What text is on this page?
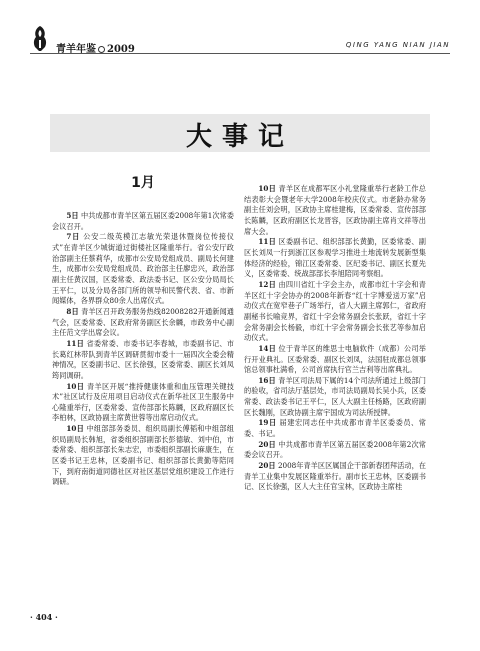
青羊年鉴 2009	QING YANG NIAN JIAN
大事记
1月

5日 中共成都市青羊区第五届区委2008年第1次常委会议召开。

7日 公安二级英模江志敏光荣退休暨岗位传接仪式”在青羊区少城街道过街楼社区隆重举行。省公安厅政治部副主任蔡莉华，成都市公安局党组成员、副局长何建生，成都市公安局党组成员、政治部主任廖忠兴，政治部副主任黄汉国，区委常委、政法委书记、区公安分局局长王平仁，以及分局各部门所的领导和民警代表、省、市新闻媒体，各界群众80余人出席仪式。

8日 青羊区召开政务服务热线82008282开通新闻通气会，区委常委、区政府常务副区长余麟，市政务中心副主任范文学出席会议。

11日 省委常委、市委书记李春城，市委副书记、市长葛红林带队到青羊区调研贯彻市委十一届四次全委会精神情况，区委副书记、区长徐强，区委常委、副区长刘凤筠同调研。

10日 青羊区开展“推持健康体重和血压管理关键技术”社区试行及应用项目启动仪式在新华社区卫生服务中心隆重举行，区委常委、宣传部部长陈麟，区政府副区长李柏林，区政协副主席黄世蓉等出席启动仪式。

10日 中组部部务委员、组织局副长傅韬和中组部组织局副局长韩旭，省委组织部副部长彭德敏、刘中伯，市委常委、组织部部长朱志宏，市委组织部副长麻康生，在区委书记王忠林，区委副书记、组织部部长黄勤等陪同下，到府南街道同德社区对社区基层党组织建设工作进行调研。

10日 青羊区在成都军区小礼堂隆重举行老龄工作总结表彰大会暨老年大学2008年校庆仪式。市老龄办常务副主任刘会明，区政协主席桂建梅，区委常委、宣传部部长陈麟，区政府副区长龙晋容，区政协副主席肖文祥等出席大会。

11日 区委副书记、组织部部长黄勤，区委常委、副区长刘凤一行到浙江区参观学习推进土地流转发展新型集体经济的经验，锦江区委常委、区纪委书记、副区长夏先义，区委常委、统战部部长李旭陪同考察组。

12日 由四川省红十字会主办，成都市红十字会和青羊区红十字会协办的2008年新春“红十字博爱送万家”启动仪式在宽窄巷子广场举行，省人大副主席郭仁，省政府副秘书长喻竞界，省红十字会常务副会长张跃，省红十字会常务副会长杨毅，市红十字会常务副会长张艺等参加启动仪式。

14日 位于青羊区的维思士电脑软件（成都）公司举行开业典礼。区委常委、副区长刘凤，法国驻成都总领事馆总领事杜满希，公司首席执行官兰吉利等出席典礼。

16日 青羊区司法局下属的14个司法所通过上级部门的验收，省司法厅基层处，市司法局副局长吴小兵，区委常委、政法委书记王平仁，区人大副主任杨路，区政府副区长魏刚，区政协副主席宇国成为司法所授牌。

19日 届建宏同志任中共成都市青羊区委委员、常委、书记。

20日 中共成都市青羊区第五届区委2008年第2次常委会议召开。

20日 2008年青羊区区属国企干部新春团拜活动，在青羊工业集中发展区隆重举行。副市长王忠林，区委副书记、区长徐强，区人大主任官宝林，区政协主席桂

· 404 ·
